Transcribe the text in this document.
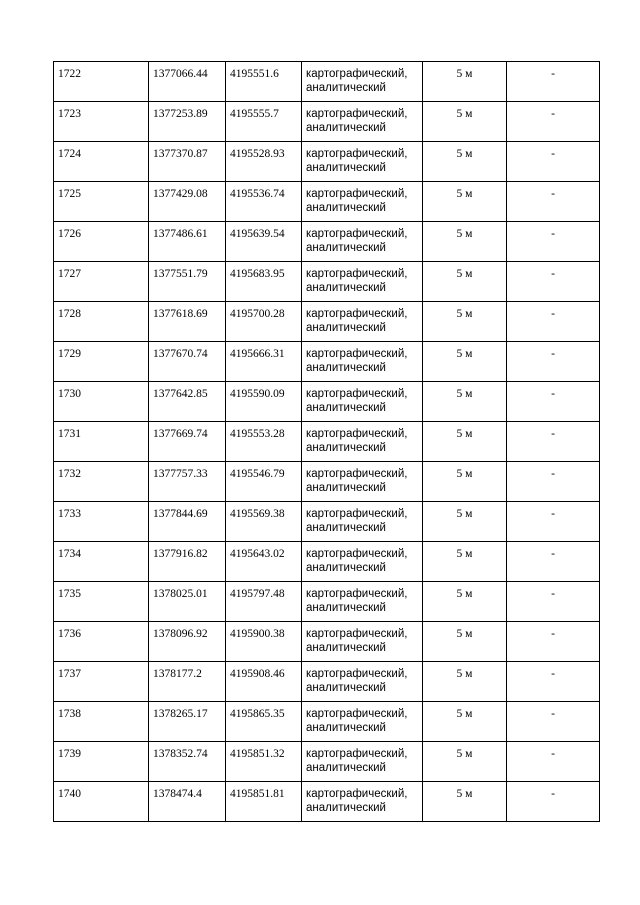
1722	1377066.44	4195551.6	картографический,
аналитический	5 м	-
1723	1377253.89	4195555.7	картографический,
аналитический	5 м	-
1724	1377370.87	4195528.93	картографический,
аналитический	5 м	-
1725	1377429.08	4195536.74	картографический,
аналитический	5 м	-
1726	1377486.61	4195639.54	картографический,
аналитический	5 м	-
1727	1377551.79	4195683.95	картографический,
аналитический	5 м	-
1728	1377618.69	4195700.28	картографический,
аналитический	5 м	-
1729	1377670.74	4195666.31	картографический,
аналитический	5 м	-
1730	1377642.85	4195590.09	картографический,
аналитический	5 м	-
1731	1377669.74	4195553.28	картографический,
аналитический	5 м	-
1732	1377757.33	4195546.79	картографический,
аналитический	5 м	-
1733	1377844.69	4195569.38	картографический,
аналитический	5 м	-
1734	1377916.82	4195643.02	картографический,
аналитический	5 м	-
1735	1378025.01	4195797.48	картографический,
аналитический	5 м	-
1736	1378096.92	4195900.38	картографический,
аналитический	5 м	-
1737	1378177.2	4195908.46	картографический,
аналитический	5 м	-
1738	1378265.17	4195865.35	картографический,
аналитический	5 м	-
1739	1378352.74	4195851.32	картографический,
аналитический	5 м	-
1740	1378474.4	4195851.81	картографический,
аналитический	5 м	-
